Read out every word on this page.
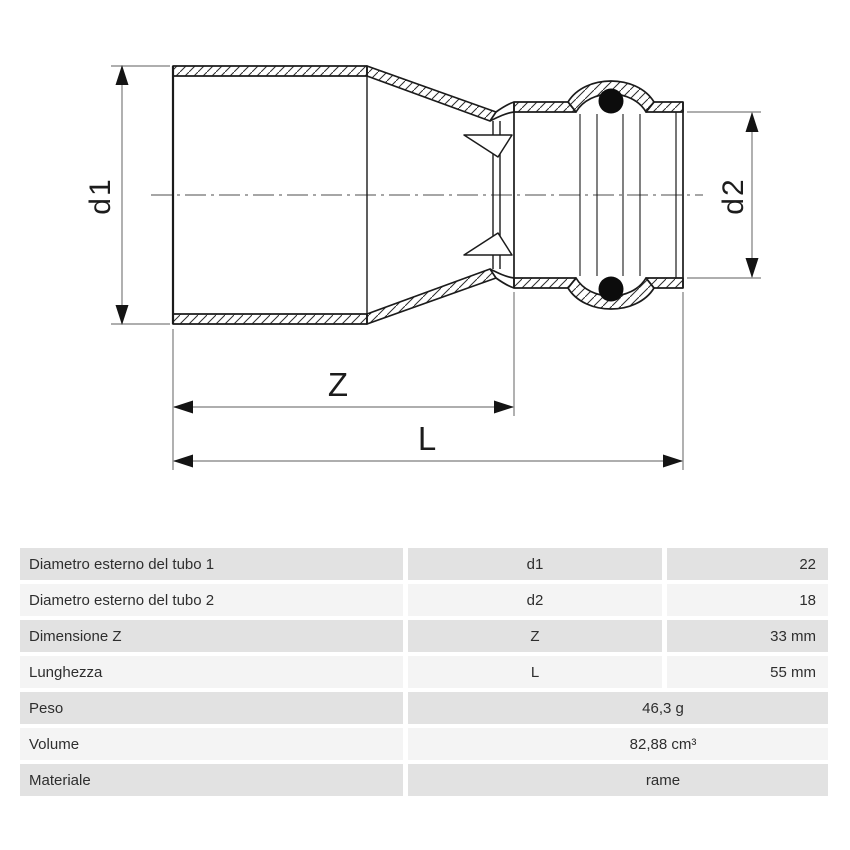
d1	d2
Z
L
Diametro esterno del tubo 1	d1	22
Diametro esterno del tubo 2	d2	18
Dimensione Z	Z	33 mm
Lunghezza	L	55 mm
Peso	46,3 g
Volume	82,88 cm³
Materiale	rame
